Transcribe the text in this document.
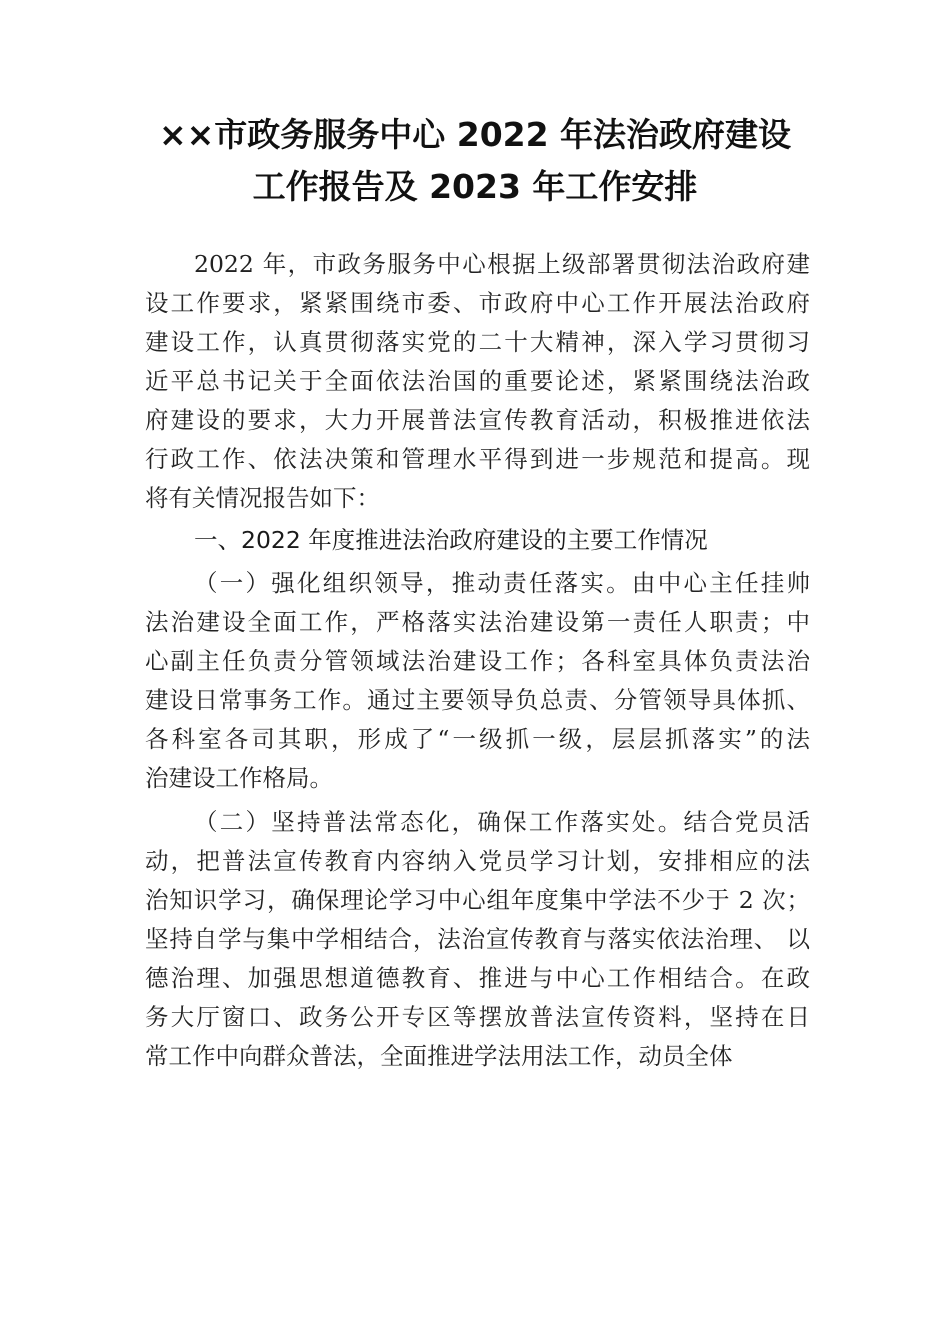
××市政务服务中心 2022 年法治政府建设
工作报告及 2023 年工作安排
2022 年，市政务服务中心根据上级部署贯彻法治政府建
设工作要求，紧紧围绕市委、市政府中心工作开展法治政府
建设工作，认真贯彻落实党的二十大精神，深入学习贯彻习
近平总书记关于全面依法治国的重要论述，紧紧围绕法治政
府建设的要求，大力开展普法宣传教育活动，积极推进依法
行政工作、依法决策和管理水平得到进一步规范和提高。现
将有关情况报告如下：
一、2022 年度推进法治政府建设的主要工作情况
（一）强化组织领导，推动责任落实。由中心主任挂帅
法治建设全面工作，严格落实法治建设第一责任人职责；中
心副主任负责分管领域法治建设工作；各科室具体负责法治
建设日常事务工作。通过主要领导负总责、分管领导具体抓、
各科室各司其职，形成了“一级抓一级，层层抓落实”的法
治建设工作格局。
（二）坚持普法常态化，确保工作落实处。结合党员活
动，把普法宣传教育内容纳入党员学习计划，安排相应的法
治知识学习，确保理论学习中心组年度集中学法不少于 2 次；
坚持自学与集中学相结合，法治宣传教育与落实依法治理、 以
德治理、加强思想道德教育、推进与中心工作相结合。在政
务大厅窗口、政务公开专区等摆放普法宣传资料，坚持在日
常工作中向群众普法，全面推进学法用法工作，动员全体
